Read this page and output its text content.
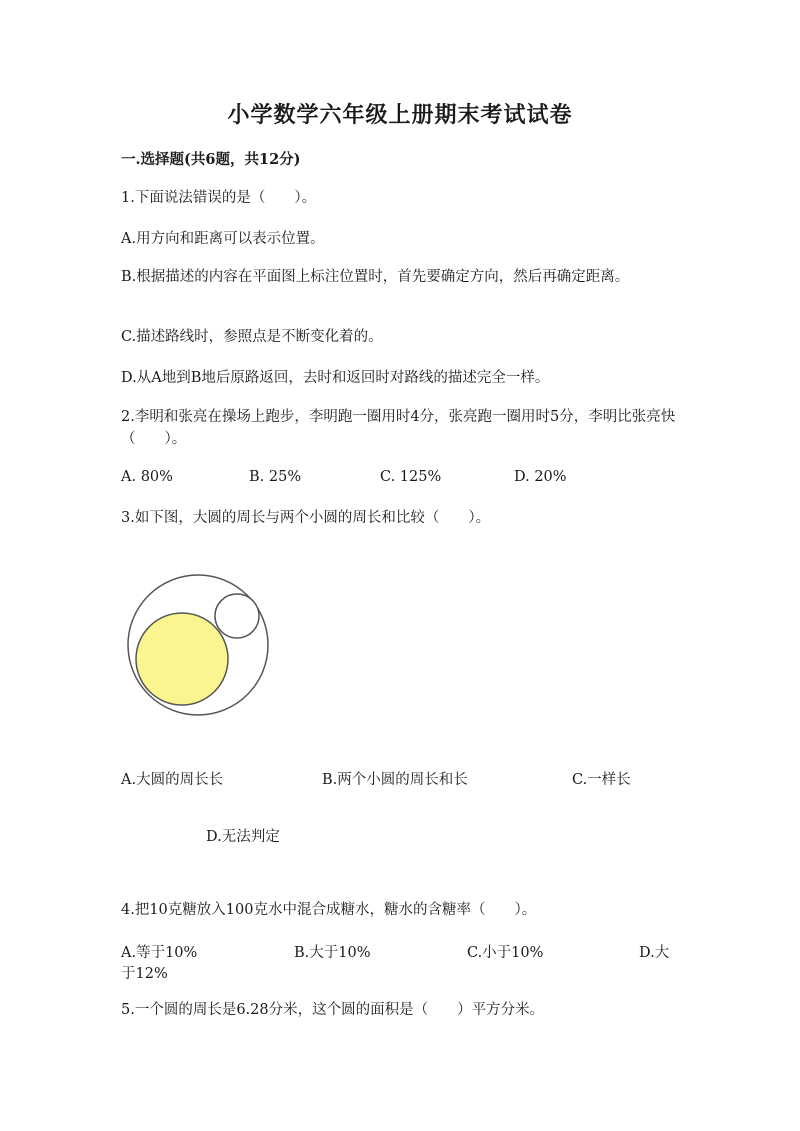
小学数学六年级上册期末考试试卷
一.选择题(共6题，共12分)
1.下面说法错误的是（　　）。
A.用方向和距离可以表示位置。
B.根据描述的内容在平面图上标注位置时，首先要确定方向，然后再确定距离。
C.描述路线时，参照点是不断变化着的。
D.从A地到B地后原路返回，去时和返回时对路线的描述完全一样。
2.李明和张亮在操场上跑步，李明跑一圈用时4分，张亮跑一圈用时5分，李明比张亮快（　　）。
A. 80%	B. 25%	C. 125%	D. 20%
3.如下图，大圆的周长与两个小圆的周长和比较（　　）。
A.大圆的周长长	B.两个小圆的周长和长	C.一样长
D.无法判定
4.把10克糖放入100克水中混合成糖水，糖水的含糖率（　　）。
A.等于10%	B.大于10%	C.小于10%	D.大
于12%
5.一个圆的周长是6.28分米，这个圆的面积是（　　）平方分米。
